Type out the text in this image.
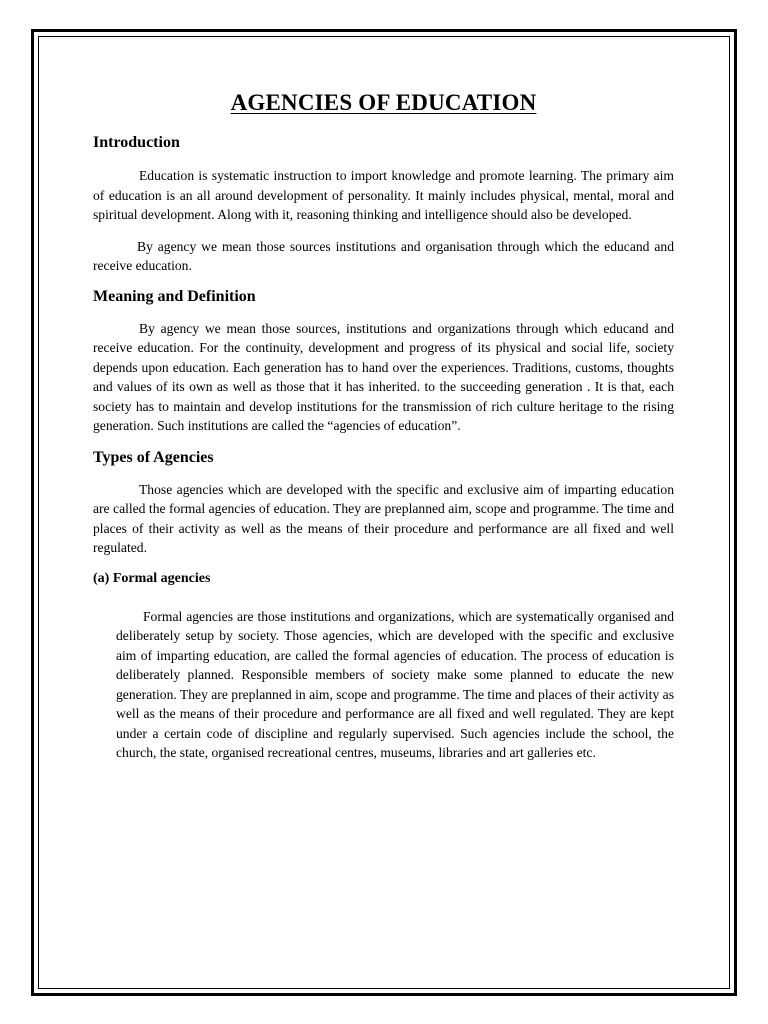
AGENCIES OF EDUCATION
Introduction

Education is systematic instruction to import knowledge and promote learning. The primary aim of education is an all around development of personality. It mainly includes physical, mental, moral and spiritual development. Along with it, reasoning thinking and intelligence should also be developed.

By agency we mean those sources institutions and organisation through which the educand and receive education.

Meaning and Definition

By agency we mean those sources, institutions and organizations through which educand and receive education. For the continuity, development and progress of its physical and social life, society depends upon education. Each generation has to hand over the experiences. Traditions, customs, thoughts and values of its own as well as those that it has inherited. to the succeeding generation . It is that, each society has to maintain and develop institutions for the transmission of rich culture heritage to the rising generation. Such institutions are called the “agencies of education”.

Types of Agencies

Those agencies which are developed with the specific and exclusive aim of imparting education are called the formal agencies of education. They are preplanned aim, scope and programme. The time and places of their activity as well as the means of their procedure and performance are all fixed and well regulated.

(a) Formal agencies

Formal agencies are those institutions and organizations, which are systematically organised and deliberately setup by society. Those agencies, which are developed with the specific and exclusive aim of imparting education, are called the formal agencies of education. The process of education is deliberately planned. Responsible members of society make some planned to educate the new generation. They are preplanned in aim, scope and programme. The time and places of their activity as well as the means of their procedure and performance are all fixed and well regulated. They are kept under a certain code of discipline and regularly supervised. Such agencies include the school, the church, the state, organised recreational centres, museums, libraries and art galleries etc.
